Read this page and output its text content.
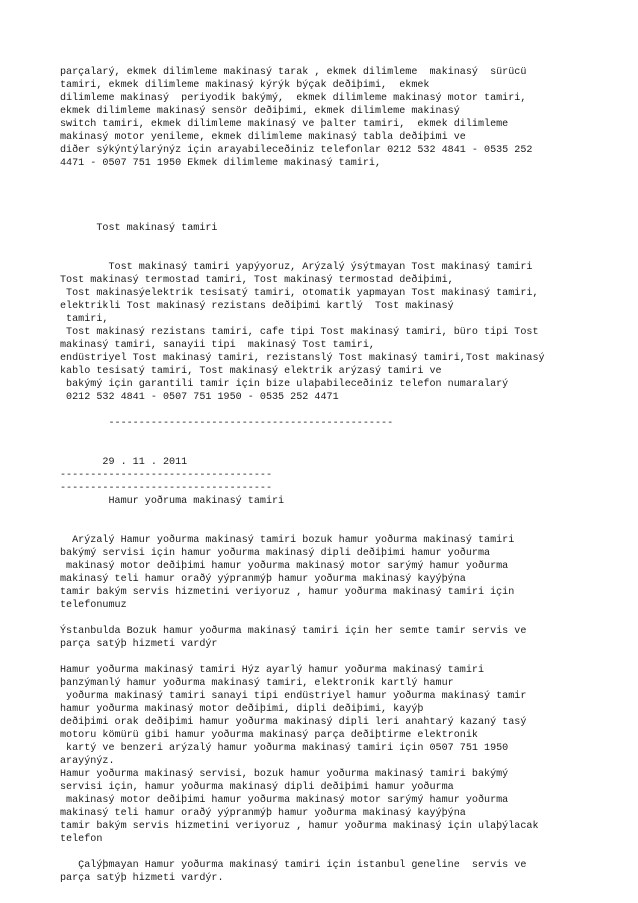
parçalarý, ekmek dilimleme makinasý tarak , ekmek dilimleme  makinasý  sürücü
tamiri, ekmek dilimleme makinasý kýrýk býçak deðiþimi,  ekmek
dilimleme makinasý  periyodik bakýmý,  ekmek dilimleme makinasý motor tamiri,
ekmek dilimleme makinasý sensör deðiþimi, ekmek dilimleme makinasý
switch tamiri, ekmek dilimleme makinasý ve þalter tamiri,  ekmek dilimleme
makinasý motor yenileme, ekmek dilimleme makinasý tabla deðiþimi ve
diðer sýkýntýlarýnýz için arayabileceðiniz telefonlar 0212 532 4841 - 0535 252
4471 - 0507 751 1950 Ekmek dilimleme makinasý tamiri,
Tost makinasý tamiri
Tost makinasý tamiri yapýyoruz, Arýzalý ýsýtmayan Tost makinasý tamiri
Tost makinasý termostad tamiri, Tost makinasý termostad deðiþimi,
Tost makinasýelektrik tesisatý tamiri, otomatik yapmayan Tost makinasý tamiri,
elektrikli Tost makinasý rezistans deðiþimi kartlý  Tost makinasý
tamiri,
Tost makinasý rezistans tamiri, cafe tipi Tost makinasý tamiri, büro tipi Tost
makinasý tamiri, sanayii tipi  makinasý Tost tamiri,
endüstriyel Tost makinasý tamiri, rezistanslý Tost makinasý tamiri,Tost makinasý
kablo tesisatý tamiri, Tost makinasý elektrik arýzasý tamiri ve
bakýmý için garantili tamir için bize ulaþabileceðiniz telefon numaralarý
0212 532 4841 - 0507 751 1950 - 0535 252 4471
-----------------------------------------------
29 . 11 . 2011
-----------------------------------
-----------------------------------
Hamur yoðruma makinasý tamiri
Arýzalý Hamur yoðurma makinasý tamiri bozuk hamur yoðurma makinasý tamiri
bakýmý servisi için hamur yoðurma makinasý dipli deðiþimi hamur yoðurma
makinasý motor deðiþimi hamur yoðurma makinasý motor sarýmý hamur yoðurma
makinasý teli hamur oraðý yýpranmýþ hamur yoðurma makinasý kayýþýna
tamir bakým servis hizmetini veriyoruz , hamur yoðurma makinasý tamiri için
telefonumuz
Ýstanbulda Bozuk hamur yoðurma makinasý tamiri için her semte tamir servis ve
parça satýþ hizmeti vardýr
Hamur yoðurma makinasý tamiri Hýz ayarlý hamur yoðurma makinasý tamiri
þanzýmanlý hamur yoðurma makinasý tamiri, elektronik kartlý hamur
yoðurma makinasý tamiri sanayi tipi endüstriyel hamur yoðurma makinasý tamir
hamur yoðurma makinasý motor deðiþimi, dipli deðiþimi, kayýþ
deðiþimi orak deðiþimi hamur yoðurma makinasý dipli leri anahtarý kazaný tasý
motoru kömürü gibi hamur yoðurma makinasý parça deðiþtirme elektronik
kartý ve benzeri arýzalý hamur yoðurma makinasý tamiri için 0507 751 1950
arayýnýz.
Hamur yoðurma makinasý servisi, bozuk hamur yoðurma makinasý tamiri bakýmý
servisi için, hamur yoðurma makinasý dipli deðiþimi hamur yoðurma
makinasý motor deðiþimi hamur yoðurma makinasý motor sarýmý hamur yoðurma
makinasý teli hamur oraðý yýpranmýþ hamur yoðurma makinasý kayýþýna
tamir bakým servis hizmetini veriyoruz , hamur yoðurma makinasý için ulaþýlacak
telefon
Çalýþmayan Hamur yoðurma makinasý tamiri için istanbul geneline  servis ve
parça satýþ hizmeti vardýr.
